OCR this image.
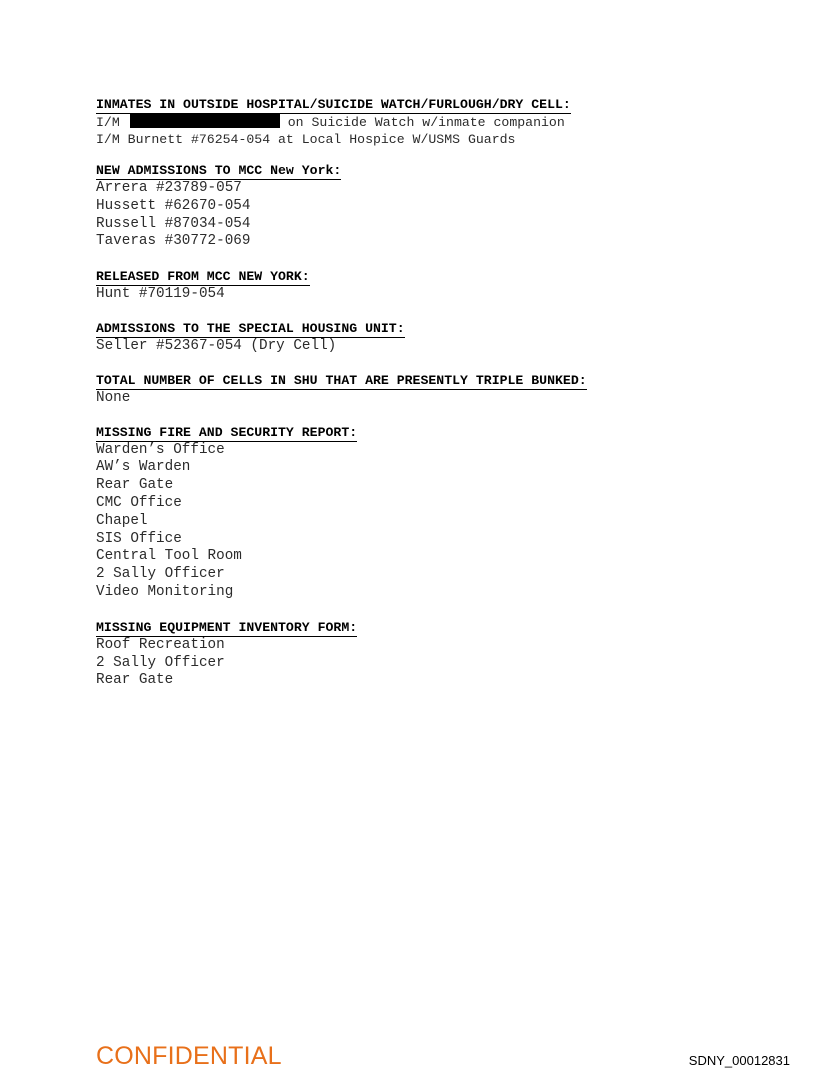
INMATES IN OUTSIDE HOSPITAL/SUICIDE WATCH/FURLOUGH/DRY CELL:
I/M	on Suicide Watch w/inmate companion
I/M Burnett #76254-054 at Local Hospice W/USMS Guards
NEW ADMISSIONS TO MCC New York:
Arrera #23789-057
Hussett #62670-054
Russell #87034-054
Taveras #30772-069
RELEASED FROM MCC NEW YORK:
Hunt #70119-054
ADMISSIONS TO THE SPECIAL HOUSING UNIT:
Seller #52367-054 (Dry Cell)
TOTAL NUMBER OF CELLS IN SHU THAT ARE PRESENTLY TRIPLE BUNKED:
None
MISSING FIRE AND SECURITY REPORT:
Warden’s Office
AW’s Warden
Rear Gate
CMC Office
Chapel
SIS Office
Central Tool Room
2 Sally Officer
Video Monitoring
MISSING EQUIPMENT INVENTORY FORM:
Roof Recreation
2 Sally Officer
Rear Gate
CONFIDENTIAL	SDNY_00012831
